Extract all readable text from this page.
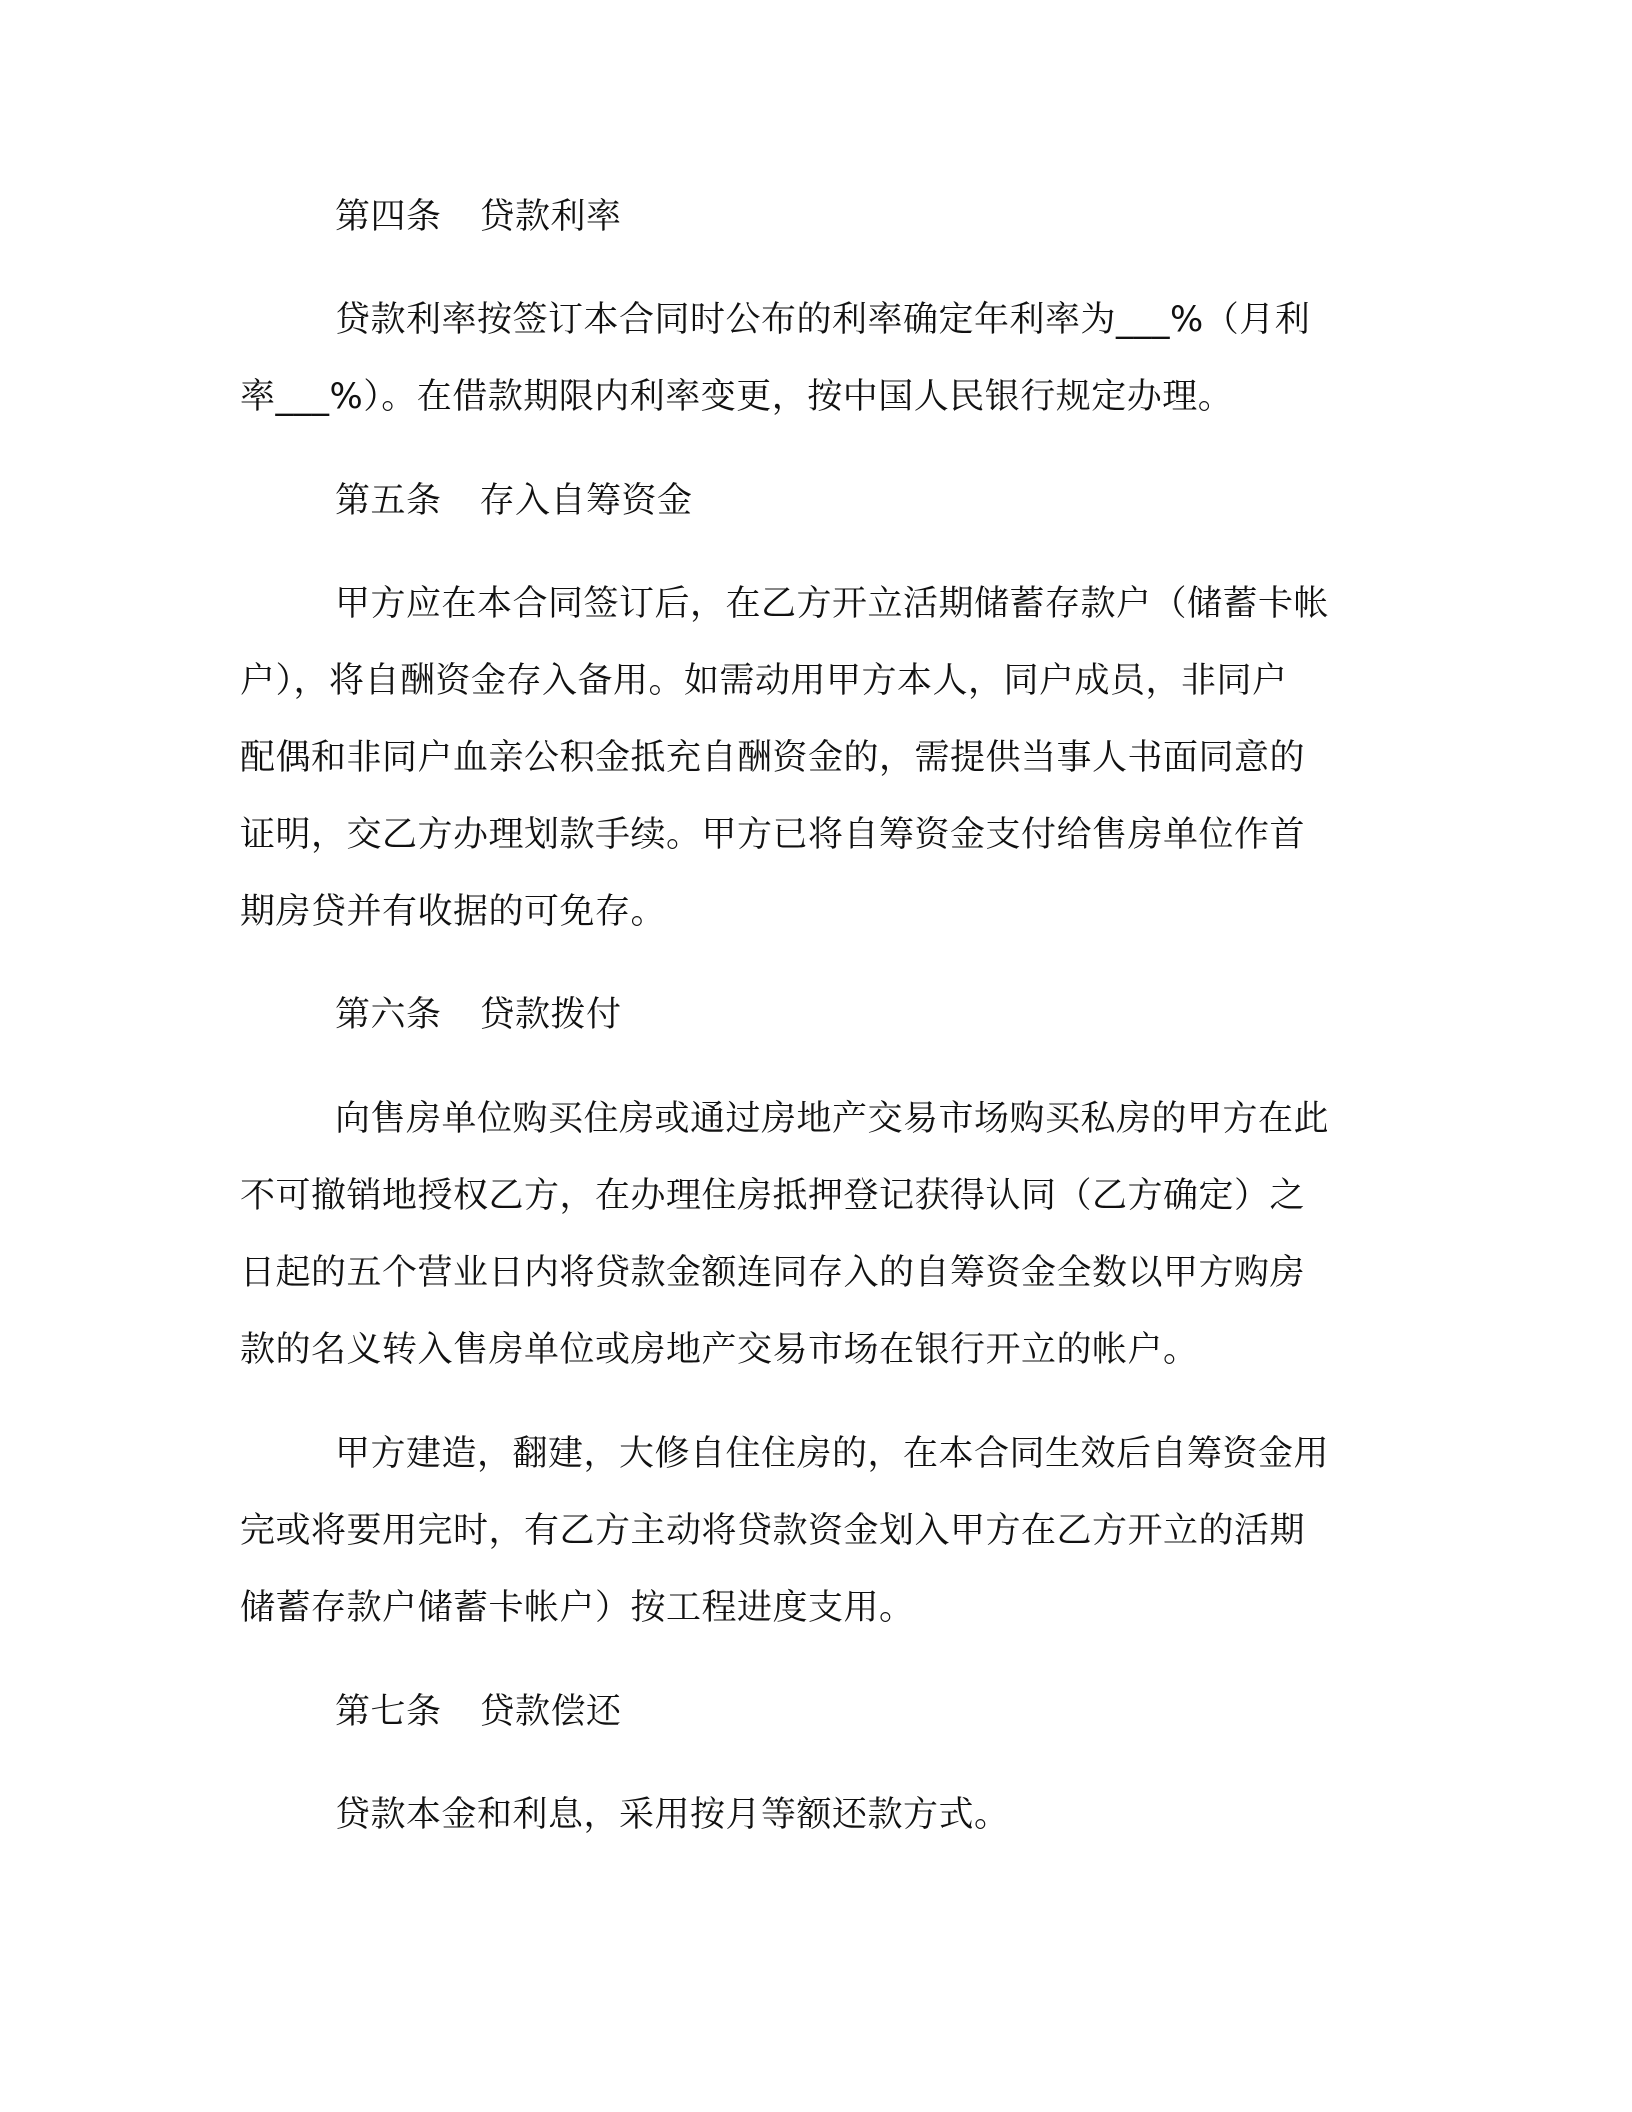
第四条 贷款利率
贷款利率按签订本合同时公布的利率确定年利率为___%（月利
率___%）。在借款期限内利率变更，按中国人民银行规定办理。
第五条 存入自筹资金
甲方应在本合同签订后，在乙方开立活期储蓄存款户（储蓄卡帐
户），将自酬资金存入备用。如需动用甲方本人，同户成员，非同户
配偶和非同户血亲公积金抵充自酬资金的，需提供当事人书面同意的
证明，交乙方办理划款手续。甲方已将自筹资金支付给售房单位作首
期房贷并有收据的可免存。
第六条 贷款拨付
向售房单位购买住房或通过房地产交易市场购买私房的甲方在此
不可撤销地授权乙方，在办理住房抵押登记获得认同（乙方确定）之
日起的五个营业日内将贷款金额连同存入的自筹资金全数以甲方购房
款的名义转入售房单位或房地产交易市场在银行开立的帐户。
甲方建造，翻建，大修自住住房的，在本合同生效后自筹资金用
完或将要用完时，有乙方主动将贷款资金划入甲方在乙方开立的活期
储蓄存款户储蓄卡帐户）按工程进度支用。
第七条 贷款偿还
贷款本金和利息，采用按月等额还款方式。
